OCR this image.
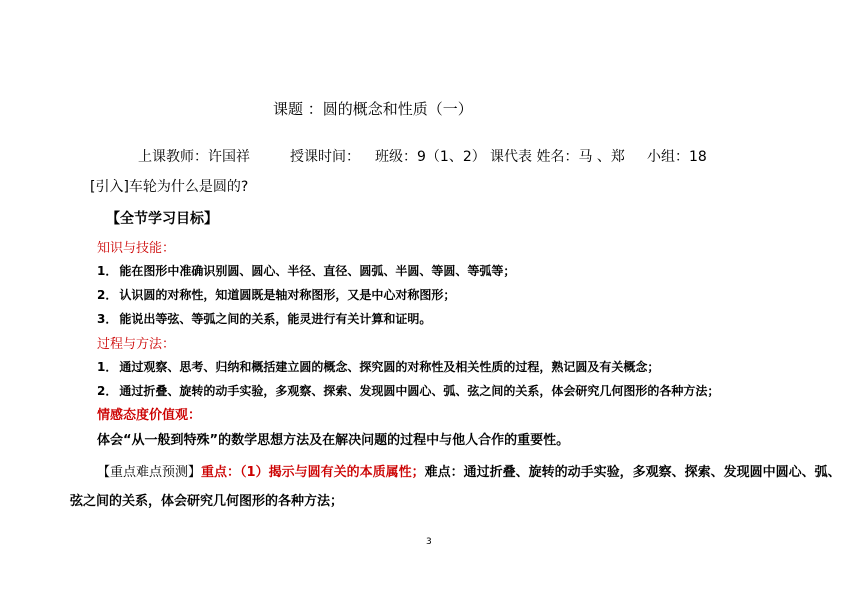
课题 ：圆的概念和性质（一）
上课教师：许国祥	授课时间： 班级：9（1、2） 课代表 姓名：马 、郑 小组：18
[引入]车轮为什么是圆的?
【全节学习目标】
知识与技能：
1． 能在图形中准确识别圆、圆心、半径、直径、圆弧、半圆、等圆、等弧等；
2． 认识圆的对称性，知道圆既是轴对称图形，又是中心对称图形；
3． 能说出等弦、等弧之间的关系，能灵进行有关计算和证明。
过程与方法：
1． 通过观察、思考、归纳和概括建立圆的概念、探究圆的对称性及相关性质的过程，熟记圆及有关概念；
2． 通过折叠、旋转的动手实验，多观察、探索、发现圆中圆心、弧、弦之间的关系，体会研究几何图形的各种方法；
情感态度价值观：
体会“从一般到特殊”的数学思想方法及在解决问题的过程中与他人合作的重要性。
【重点难点预测】重点：（1）揭示与圆有关的本质属性；难点：通过折叠、旋转的动手实验，多观察、探索、发现圆中圆心、弧、
弦之间的关系，体会研究几何图形的各种方法；
3
